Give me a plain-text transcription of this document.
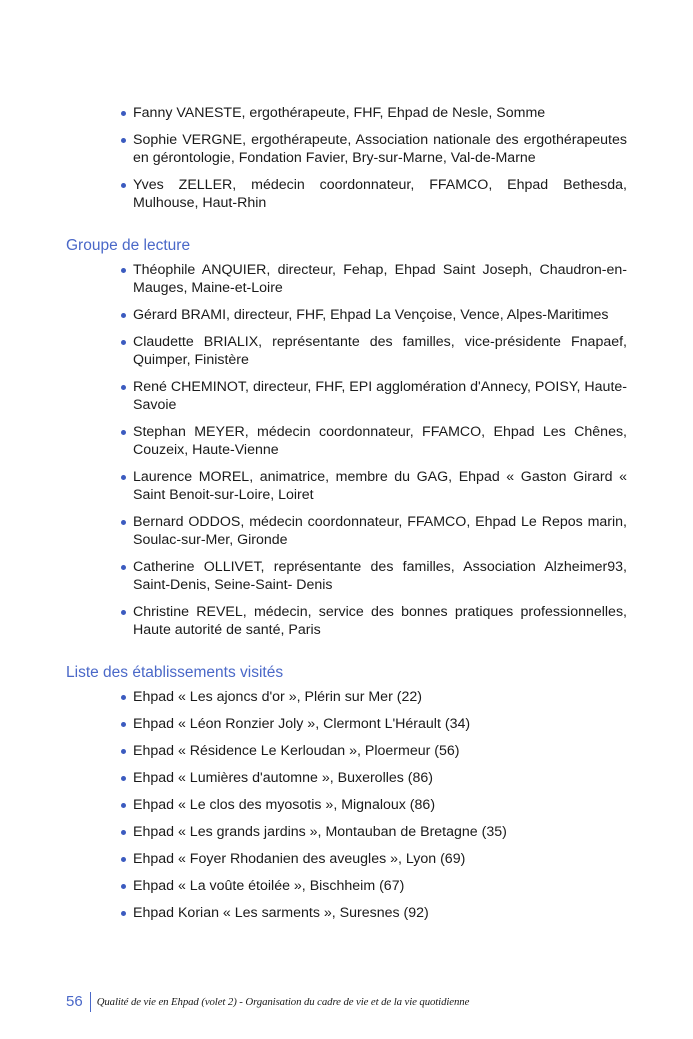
Fanny VANESTE, ergothérapeute, FHF, Ehpad de Nesle, Somme
Sophie VERGNE, ergothérapeute, Association nationale des ergothérapeutes en gérontologie, Fondation Favier, Bry-sur-Marne, Val-de-Marne
Yves ZELLER, médecin coordonnateur, FFAMCO, Ehpad Bethesda, Mulhouse, Haut-Rhin
Groupe de lecture
Théophile ANQUIER, directeur, Fehap, Ehpad Saint Joseph, Chaudron-en-Mauges, Maine-et-Loire
Gérard BRAMI, directeur, FHF, Ehpad La Vençoise, Vence, Alpes-Maritimes
Claudette BRIALIX, représentante des familles, vice-présidente Fnapaef, Quimper, Finistère
René CHEMINOT, directeur, FHF, EPI agglomération d'Annecy, POISY, Haute-Savoie
Stephan MEYER, médecin coordonnateur, FFAMCO, Ehpad Les Chênes, Couzeix, Haute-Vienne
Laurence MOREL, animatrice, membre du GAG, Ehpad « Gaston Girard « Saint Benoit-sur-Loire, Loiret
Bernard ODDOS, médecin coordonnateur, FFAMCO, Ehpad Le Repos marin, Soulac-sur-Mer, Gironde
Catherine OLLIVET, représentante des familles, Association Alzheimer93, Saint-Denis, Seine-Saint- Denis
Christine REVEL, médecin, service des bonnes pratiques professionnelles, Haute autorité de santé, Paris
Liste des établissements visités
Ehpad « Les ajoncs d'or », Plérin sur Mer (22)
Ehpad « Léon Ronzier Joly », Clermont L'Hérault (34)
Ehpad « Résidence Le Kerloudan », Ploermeur (56)
Ehpad « Lumières d'automne », Buxerolles (86)
Ehpad « Le clos des myosotis », Mignaloux (86)
Ehpad « Les grands jardins », Montauban de Bretagne (35)
Ehpad « Foyer Rhodanien des aveugles », Lyon (69)
Ehpad « La voûte étoilée », Bischheim (67)
Ehpad Korian « Les sarments », Suresnes (92)
56	Qualité de vie en Ehpad (volet 2) - Organisation du cadre de vie et de la vie quotidienne
